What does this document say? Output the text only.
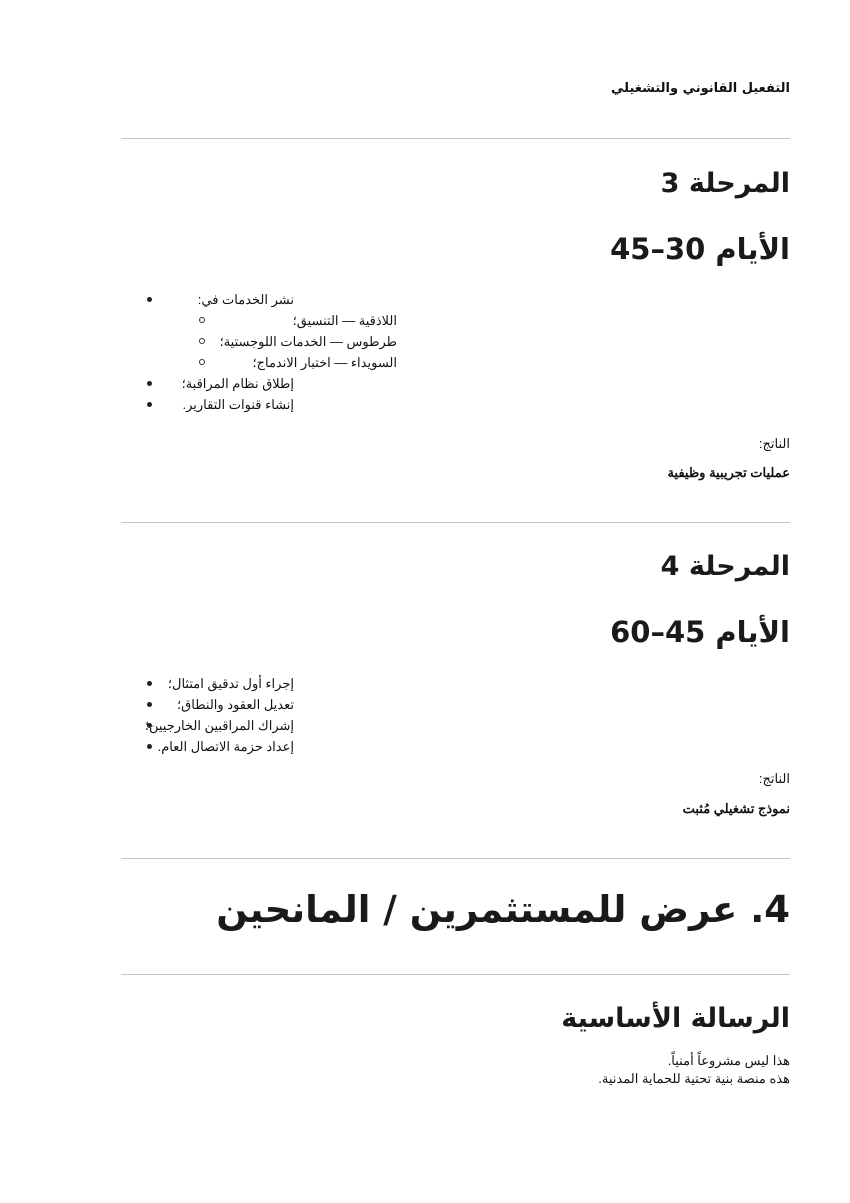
التفعيل القانوني والتشغيلي
المرحلة 3
الأيام 30–45
نشر الخدمات في:
اللاذقية — التنسيق؛
طرطوس — الخدمات اللوجستية؛
السويداء — اختبار الاندماج؛
إطلاق نظام المراقبة؛
إنشاء قنوات التقارير.
الناتج:
عمليات تجريبية وظيفية
المرحلة 4
الأيام 45–60
إجراء أول تدقيق امتثال؛
تعديل العقود والنطاق؛
إشراك المراقبين الخارجيين؛
إعداد حزمة الاتصال العام.
الناتج:
نموذج تشغيلي مُثبت
4. عرض للمستثمرين / المانحين
الرسالة الأساسية
هذا ليس مشروعاً أمنياً.
هذه منصة بنية تحتية للحماية المدنية.
